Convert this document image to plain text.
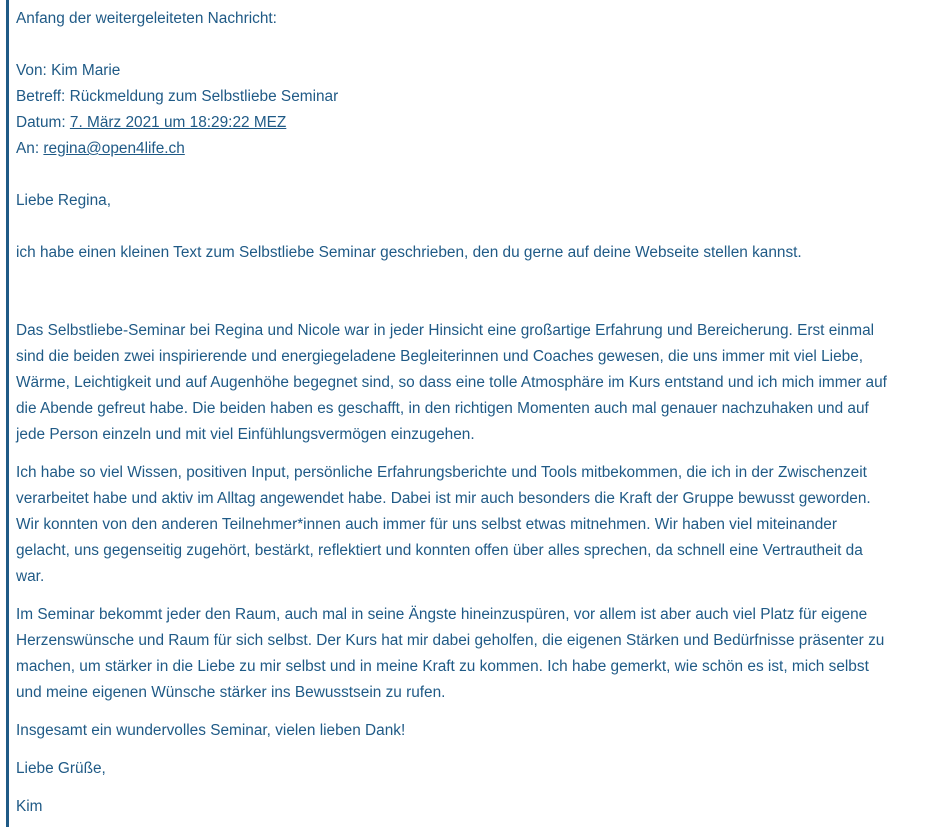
Anfang der weitergeleiteten Nachricht:
Von: Kim Marie
Betreff: Rückmeldung zum Selbstliebe Seminar
Datum: 7. März 2021 um 18:29:22 MEZ
An: regina@open4life.ch
Liebe Regina,
ich habe einen kleinen Text zum Selbstliebe Seminar geschrieben, den du gerne auf deine Webseite stellen kannst.
Das Selbstliebe-Seminar bei Regina und Nicole war in jeder Hinsicht eine großartige Erfahrung und Bereicherung. Erst einmal
sind die beiden zwei inspirierende und energiegeladene Begleiterinnen und Coaches gewesen, die uns immer mit viel Liebe,
Wärme, Leichtigkeit und auf Augenhöhe begegnet sind, so dass eine tolle Atmosphäre im Kurs entstand und ich mich immer auf
die Abende gefreut habe. Die beiden haben es geschafft, in den richtigen Momenten auch mal genauer nachzuhaken und auf
jede Person einzeln und mit viel Einfühlungsvermögen einzugehen.
Ich habe so viel Wissen, positiven Input, persönliche Erfahrungsberichte und Tools mitbekommen, die ich in der Zwischenzeit
verarbeitet habe und aktiv im Alltag angewendet habe. Dabei ist mir auch besonders die Kraft der Gruppe bewusst geworden.
Wir konnten von den anderen Teilnehmer*innen auch immer für uns selbst etwas mitnehmen. Wir haben viel miteinander
gelacht, uns gegenseitig zugehört, bestärkt, reflektiert und konnten offen über alles sprechen, da schnell eine Vertrautheit da
war.
Im Seminar bekommt jeder den Raum, auch mal in seine Ängste hineinzuspüren, vor allem ist aber auch viel Platz für eigene
Herzenswünsche und Raum für sich selbst. Der Kurs hat mir dabei geholfen, die eigenen Stärken und Bedürfnisse präsenter zu
machen, um stärker in die Liebe zu mir selbst und in meine Kraft zu kommen. Ich habe gemerkt, wie schön es ist, mich selbst
und meine eigenen Wünsche stärker ins Bewusstsein zu rufen.
Insgesamt ein wundervolles Seminar, vielen lieben Dank!
Liebe Grüße,
Kim
